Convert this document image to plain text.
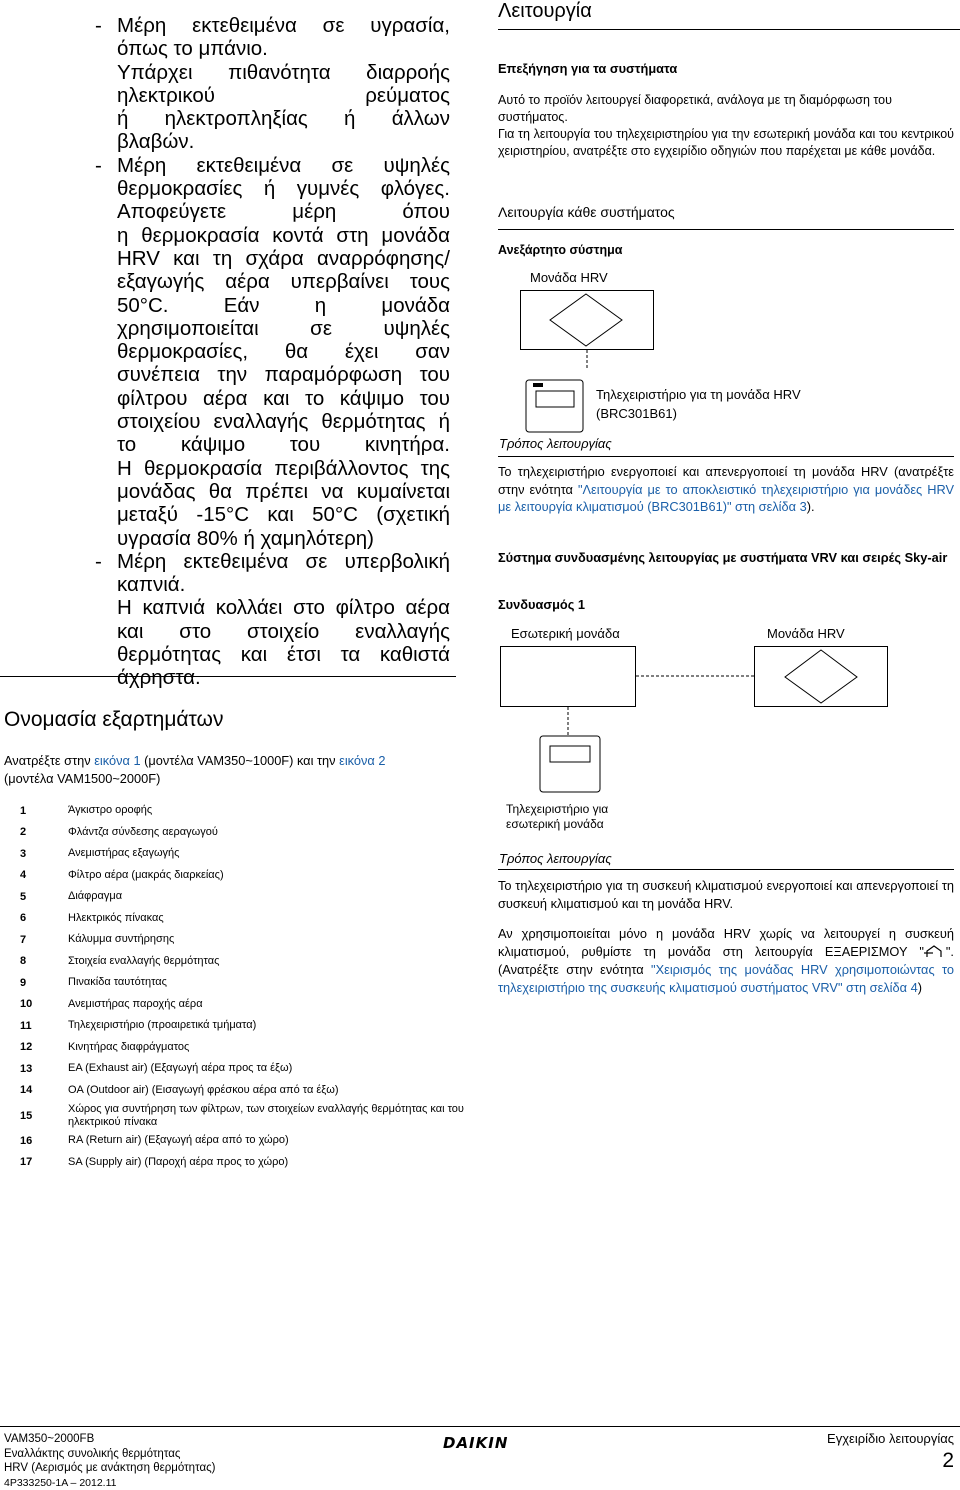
- Μέρη εκτεθειμένα σε υγρασία,

όπως το μπάνιο.

Υπάρχει πιθανότητα διαρροής

ηλεκτρικού ρεύματος

ή ηλεκτροπληξίας ή άλλων

βλαβών.

- Μέρη εκτεθειμένα σε υψηλές

θερμοκρασίες ή γυμνές φλόγες.

Αποφεύγετε μέρη όπου

η θερμοκρασία κοντά στη μονάδα

HRV και τη σχάρα αναρρόφησης/

εξαγωγής αέρα υπερβαίνει τους

50°C. Εάν η μονάδα

χρησιμοποιείται σε υψηλές

θερμοκρασίες, θα έχει σαν

συνέπεια την παραμόρφωση του

φίλτρου αέρα και το κάψιμο του

στοιχείου εναλλαγής θερμότητας ή

το κάψιμο του κινητήρα.

Η θερμοκρασία περιβάλλοντος της

μονάδας θα πρέπει να κυμαίνεται

μεταξύ -15°C και 50°C (σχετική

υγρασία 80% ή χαμηλότερη)

- Μέρη εκτεθειμένα σε υπερβολική

καπνιά.

Η καπνιά κολλάει στο φίλτρο αέρα

και στο στοιχείο εναλλαγής

θερμότητας και έτσι τα καθιστά

άχρηστα.

Ονομασία εξαρτημάτων
Ανατρέξτε στην εικόνα 1 (μοντέλα VAM350~1000F) και την εικόνα 2
(μοντέλα VAM1500~2000F)
1	Άγκιστρο οροφής
2	Φλάντζα σύνδεσης αεραγωγού
3	Ανεμιστήρας εξαγωγής
4	Φίλτρο αέρα (μακράς διαρκείας)
5	Διάφραγμα
6	Ηλεκτρικός πίνακας
7	Κάλυμμα συντήρησης
8	Στοιχεία εναλλαγής θερμότητας
9	Πινακίδα ταυτότητας
10	Ανεμιστήρας παροχής αέρα
11	Τηλεχειριστήριο (προαιρετικά τμήματα)
12	Κινητήρας διαφράγματος
13	EA (Exhaust air) (Εξαγωγή αέρα προς τα έξω)
14	OA (Outdoor air) (Εισαγωγή φρέσκου αέρα από τα έξω)
15	Χώρος για συντήρηση των φίλτρων, των στοιχείων εναλλαγής θερμότητας και του ηλεκτρικού πίνακα
16	RA (Return air) (Εξαγωγή αέρα από το χώρο)
17	SA (Supply air) (Παροχή αέρα προς το χώρο)
Λειτουργία
Επεξήγηση για τα συστήματα

Αυτό το προϊόν λειτουργεί διαφορετικά, ανάλογα με τη διαμόρφωση του συστήματος.

Για τη λειτουργία του τηλεχειριστηρίου για την εσωτερική μονάδα και του κεντρικού χειριστηρίου, ανατρέξτε στο εγχειρίδιο οδηγιών που παρέχεται με κάθε μονάδα.

Λειτουργία κάθε συστήματος
Ανεξάρτητο σύστημα
Μονάδα HRV
Τηλεχειριστήριο για τη μονάδα HRV
(BRC301B61)
Τρόπος λειτουργίας
Το τηλεχειριστήριο ενεργοποιεί και απενεργοποιεί τη μονάδα HRV (ανατρέξτε στην ενότητα "Λειτουργία με το αποκλειστικό τηλεχειριστήριο για μονάδες HRV με λειτουργία κλιματισμού (BRC301B61)" στη σελίδα 3).
Σύστημα συνδυασμένης λειτουργίας με συστήματα VRV και σειρές Sky-air
Συνδυασμός 1
Εσωτερική μονάδα	Μονάδα HRV
Τηλεχειριστήριο για
εσωτερική μονάδα
Τρόπος λειτουργίας
Το τηλεχειριστήριο για τη συσκευή κλιματισμού ενεργοποιεί και απενεργοποιεί τη συσκευή κλιματισμού και τη μονάδα HRV.
Αν χρησιμοποιείται μόνο η μονάδα HRV χωρίς να λειτουργεί η συσκευή κλιματισμού, ρυθμίστε τη μονάδα στη λειτουργία ΕΞΑΕΡΙΣΜΟΥ " ". (Ανατρέξτε στην ενότητα "Χειρισμός της μονάδας HRV χρησιμοποιώντας το τηλεχειριστήριο της συσκευής κλιματισμού συστήματος VRV" στη σελίδα 4)
VAM350~2000FB
Εναλλάκτης συνολικής θερμότητας
HRV (Αερισμός με ανάκτηση θερμότητας)
4P333250-1A – 2012.11
DAIKIN	Εγχειρίδιο λειτουργίας
2
